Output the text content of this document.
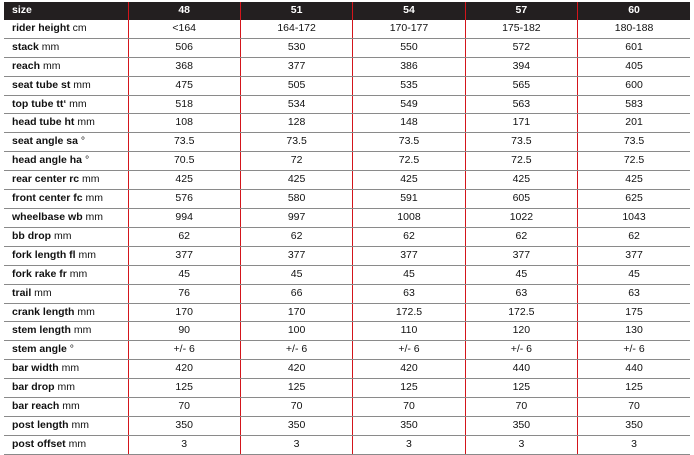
size	48	51	54	57	60
rider height cm	<164	164-172	170-177	175-182	180-188
stack mm	506	530	550	572	601
reach mm	368	377	386	394	405
seat tube st mm	475	505	535	565	600
top tube tt‘ mm	518	534	549	563	583
head tube ht mm	108	128	148	171	201
seat angle sa °	73.5	73.5	73.5	73.5	73.5
head angle ha °	70.5	72	72.5	72.5	72.5
rear center rc mm	425	425	425	425	425
front center fc mm	576	580	591	605	625
wheelbase wb mm	994	997	1008	1022	1043
bb drop mm	62	62	62	62	62
fork length fl mm	377	377	377	377	377
fork rake fr mm	45	45	45	45	45
trail mm	76	66	63	63	63
crank length mm	170	170	172.5	172.5	175
stem length mm	90	100	110	120	130
stem angle °	+/- 6	+/- 6	+/- 6	+/- 6	+/- 6
bar width mm	420	420	420	440	440
bar drop mm	125	125	125	125	125
bar reach mm	70	70	70	70	70
post length mm	350	350	350	350	350
post offset mm	3	3	3	3	3
